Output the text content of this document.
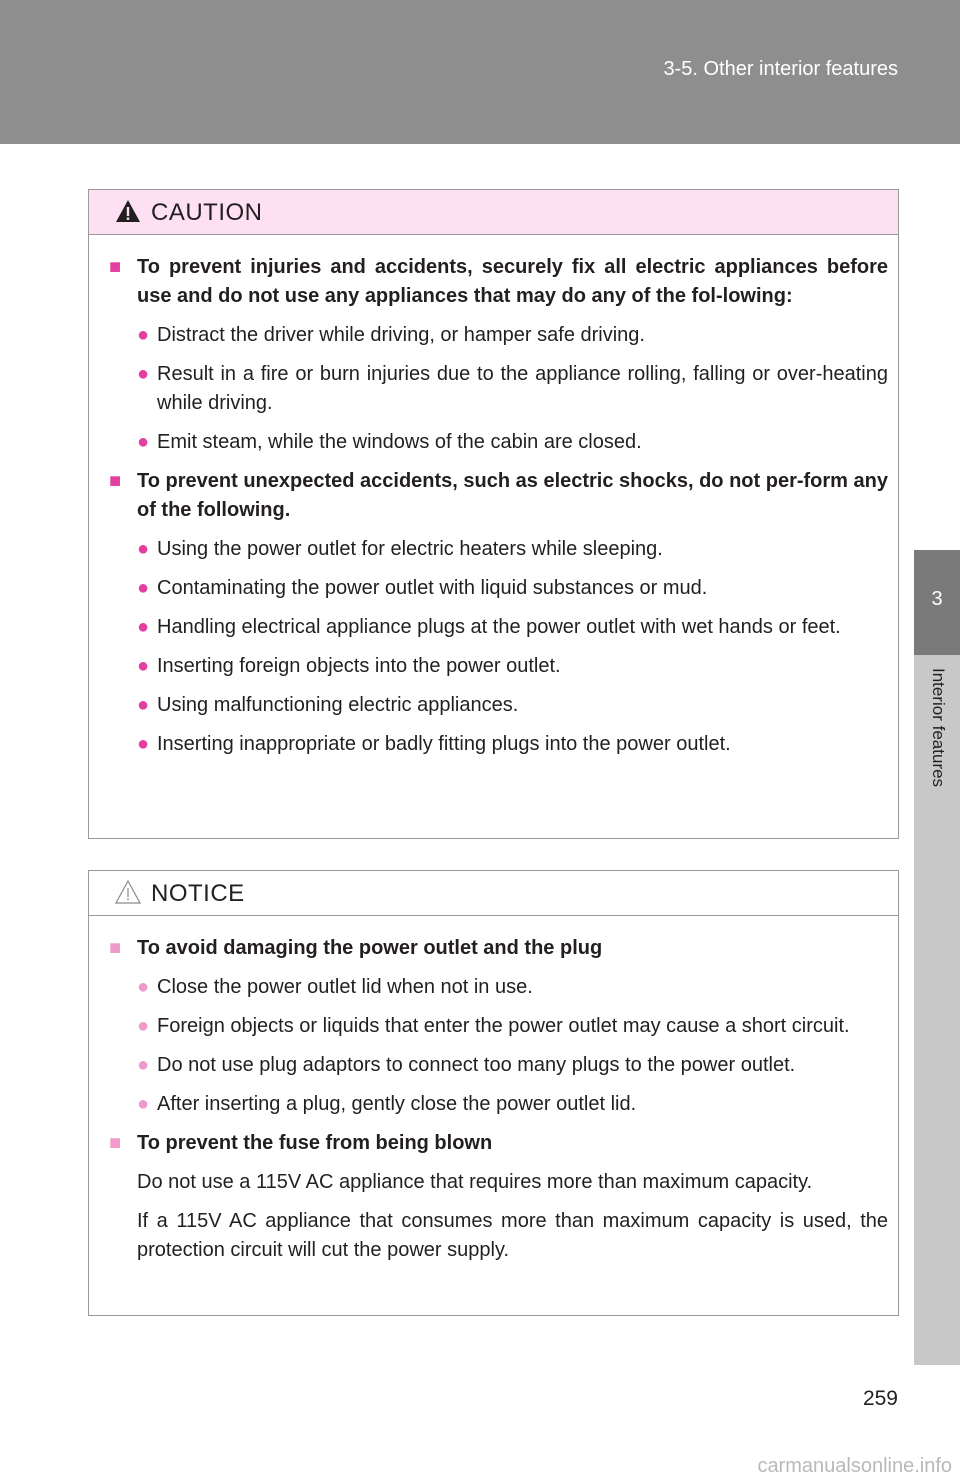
3-5. Other interior features
3
Interior features
CAUTION
■ To prevent injuries and accidents, securely fix all electric appliances before use and do not use any appliances that may do any of the fol-lowing:
● Distract the driver while driving, or hamper safe driving.
● Result in a fire or burn injuries due to the appliance rolling, falling or over-heating while driving.
● Emit steam, while the windows of the cabin are closed.
■ To prevent unexpected accidents, such as electric shocks, do not per-form any of the following.
● Using the power outlet for electric heaters while sleeping.
● Contaminating the power outlet with liquid substances or mud.
● Handling electrical appliance plugs at the power outlet with wet hands or feet.
● Inserting foreign objects into the power outlet.
● Using malfunctioning electric appliances.
● Inserting inappropriate or badly fitting plugs into the power outlet.
NOTICE
■ To avoid damaging the power outlet and the plug
● Close the power outlet lid when not in use.
● Foreign objects or liquids that enter the power outlet may cause a short circuit.
● Do not use plug adaptors to connect too many plugs to the power outlet.
● After inserting a plug, gently close the power outlet lid.
■ To prevent the fuse from being blown
Do not use a 115V AC appliance that requires more than maximum capacity.
If a 115V AC appliance that consumes more than maximum capacity is used, the protection circuit will cut the power supply.
259
carmanualsonline.info
